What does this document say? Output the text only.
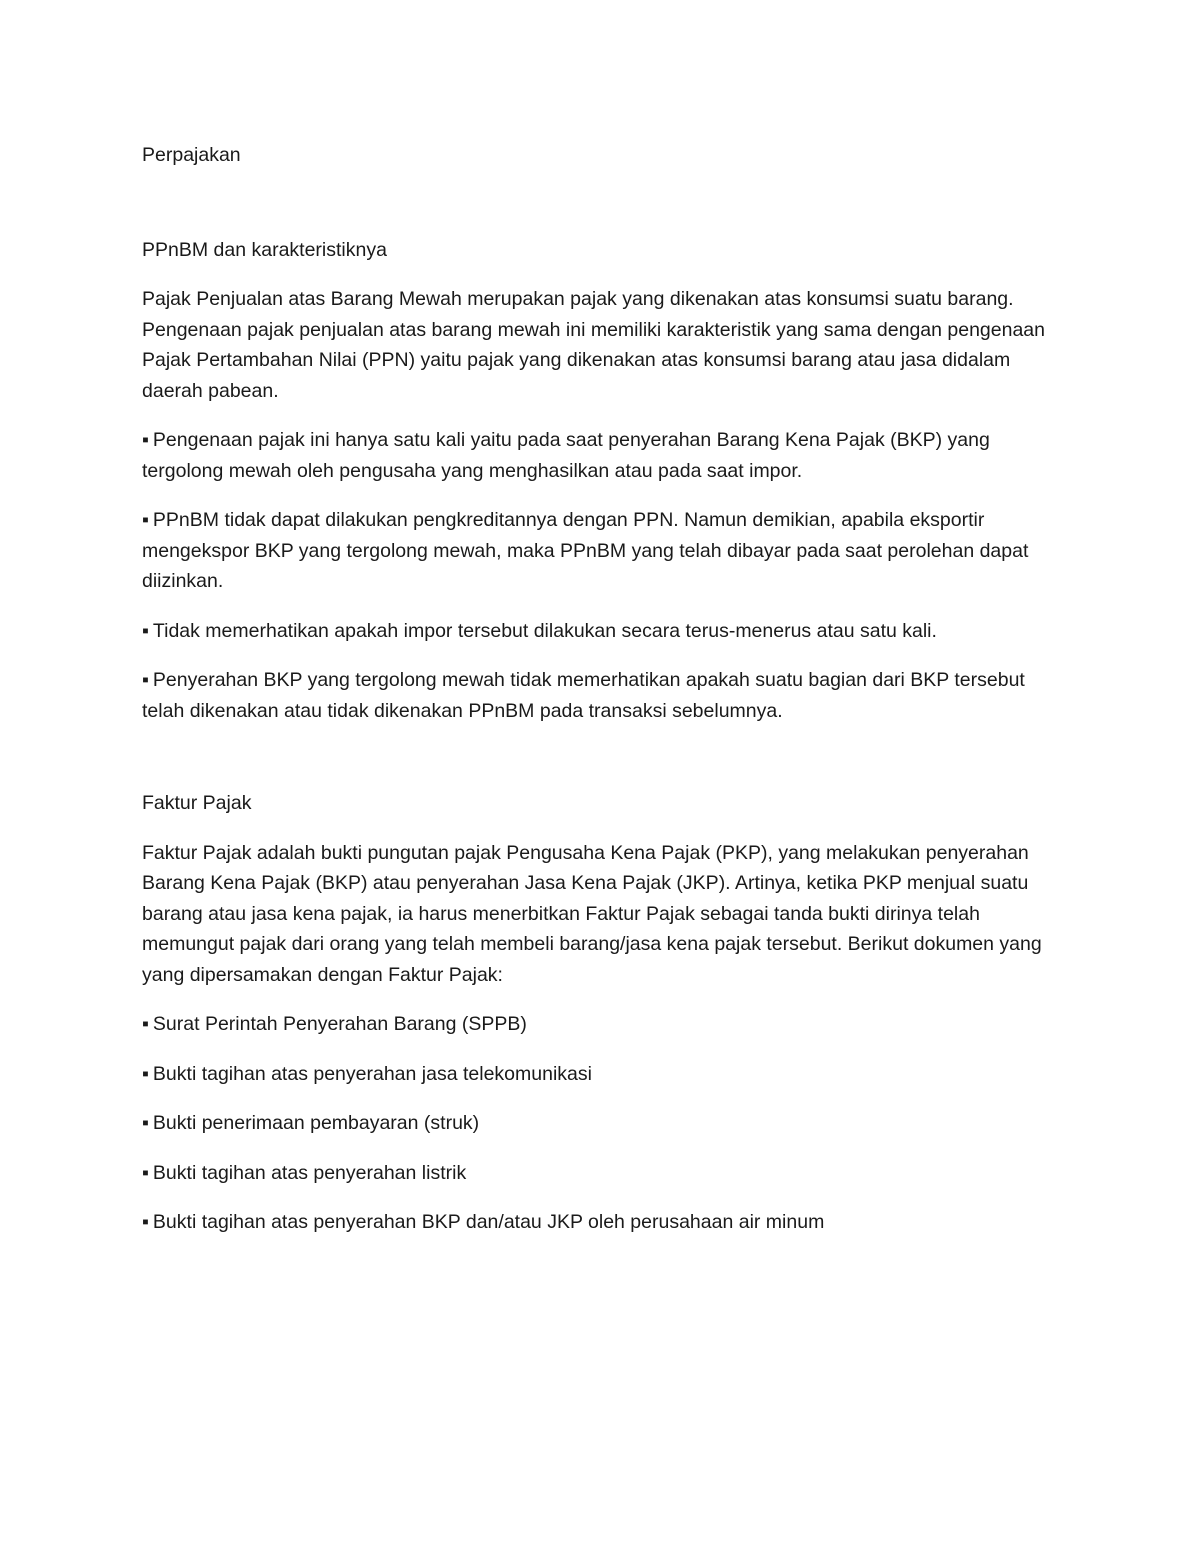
Perpajakan
PPnBM dan karakteristiknya

Pajak Penjualan atas Barang Mewah merupakan pajak yang dikenakan atas konsumsi suatu barang. Pengenaan pajak penjualan atas barang mewah ini memiliki karakteristik yang sama dengan pengenaan Pajak Pertambahan Nilai (PPN) yaitu pajak yang dikenakan atas konsumsi barang atau jasa didalam daerah pabean.

▪ Pengenaan pajak ini hanya satu kali yaitu pada saat penyerahan Barang Kena Pajak (BKP) yang tergolong mewah oleh pengusaha yang menghasilkan atau pada saat impor.
▪ PPnBM tidak dapat dilakukan pengkreditannya dengan PPN. Namun demikian, apabila eksportir mengekspor BKP yang tergolong mewah, maka PPnBM yang telah dibayar pada saat perolehan dapat diizinkan.
▪ Tidak memerhatikan apakah impor tersebut dilakukan secara terus-menerus atau satu kali.
▪ Penyerahan BKP yang tergolong mewah tidak memerhatikan apakah suatu bagian dari BKP tersebut telah dikenakan atau tidak dikenakan PPnBM pada transaksi sebelumnya.
Faktur Pajak

Faktur Pajak adalah bukti pungutan pajak Pengusaha Kena Pajak (PKP), yang melakukan penyerahan Barang Kena Pajak (BKP) atau penyerahan Jasa Kena Pajak (JKP). Artinya, ketika PKP menjual suatu barang atau jasa kena pajak, ia harus menerbitkan Faktur Pajak sebagai tanda bukti dirinya telah memungut pajak dari orang yang telah membeli barang/jasa kena pajak tersebut. Berikut dokumen yang yang dipersamakan dengan Faktur Pajak:

▪ Surat Perintah Penyerahan Barang (SPPB)
▪ Bukti tagihan atas penyerahan jasa telekomunikasi
▪ Bukti penerimaan pembayaran (struk)
▪ Bukti tagihan atas penyerahan listrik
▪ Bukti tagihan atas penyerahan BKP dan/atau JKP oleh perusahaan air minum
